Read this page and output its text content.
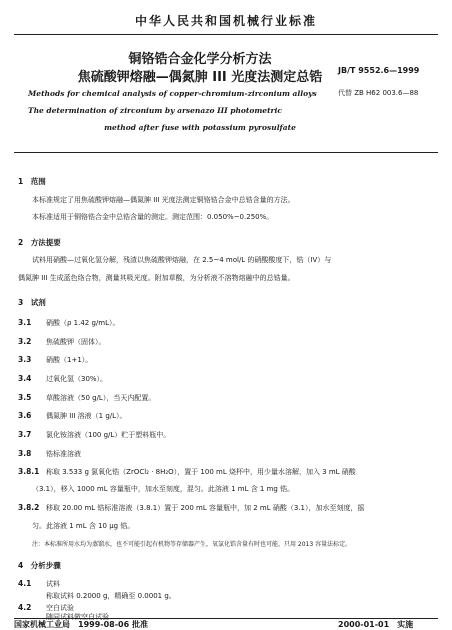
中华人民共和国机械行业标准
铜铬锆合金化学分析方法
焦硫酸钾熔融—偶氮胂 III 光度法测定总锆	JB/T 9552.6—1999
代替 ZB H62 003.6—88
Methods for chemical analysis of copper-chromium-zirconium alloys
The determination of zirconium by arsenazo III photometric
method after fuse with potassium pyrosulfate
1　范围
本标准规定了用焦硫酸钾熔融—偶氮胂 III 光度法测定铜铬锆合金中总锆含量的方法。
本标准适用于铜铬锆合金中总锆含量的测定。测定范围：0.050%~0.250%。
2　方法提要
试料用硝酸—过氧化氢分解，残渣以焦硫酸钾熔融，在 2.5~4 mol/L 的硝酸酸度下，锆（IV）与
偶氮胂 III 生成蓝色络合物，测量其吸光度。附加草酸，为分析液不溶物熔融中的总锆量。
3　试剂
3.1 硝酸（ρ 1.42 g/mL）。
3.2 焦硫酸钾（固体）。
3.3 硝酸（1+1）。
3.4 过氧化氢（30%）。
3.5 草酸溶液（50 g/L），当天内配置。
3.6 偶氮胂 III 溶液（1 g/L）。
3.7 氯化铵溶液（100 g/L）贮于塑料瓶中。
3.8 锆标准溶液
3.8.1 称取 3.533 g 氯氧化锆（ZrOCl₂ · 8H₂O），置于 100 mL 烧杯中，用少量水溶解，加入 3 mL 硝酸
（3.1），移入 1000 mL 容量瓶中，加水至刻度，混匀。此溶液 1 mL 含 1 mg 锆。
3.8.2 移取 20.00 mL 锆标准溶液（3.8.1）置于 200 mL 容量瓶中，加 2 mL 硝酸（3.1），加水至刻度，摇
匀。此溶液 1 mL 含 10 μg 锆。
注：本标准所用水均为蒸馏水，也不可能引起有机物等存储器产生，氧氯化锆含量有时也可能，只用 2013 容量法标定。
4　分析步骤
4.1 试料
称取试料 0.2000 g，精确至 0.0001 g。
4.2 空白试验
随同试料做空白试验
国家机械工业局　1999-08-06 批准	2000-01-01　实施
